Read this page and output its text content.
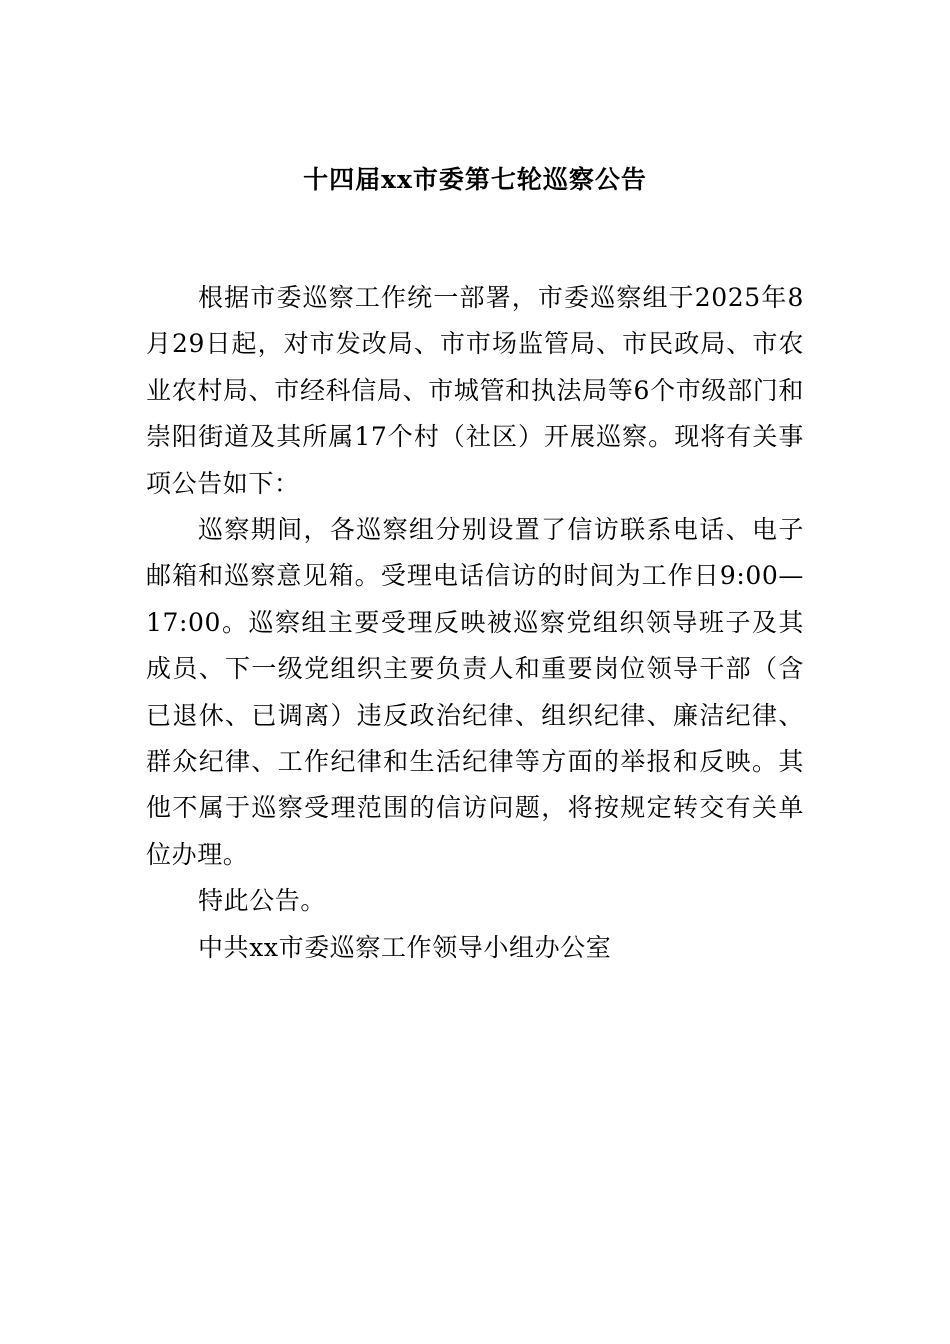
十四届xx市委第七轮巡察公告

根据市委巡察工作统一部署，市委巡察组于2025年8月29日起，对市发改局、市市场监管局、市民政局、市农业农村局、市经科信局、市城管和执法局等6个市级部门和崇阳街道及其所属17个村（社区）开展巡察。现将有关事项公告如下：

巡察期间，各巡察组分别设置了信访联系电话、电子邮箱和巡察意见箱。受理电话信访的时间为工作日9:00—17:00。巡察组主要受理反映被巡察党组织领导班子及其成员、下一级党组织主要负责人和重要岗位领导干部（含已退休、已调离）违反政治纪律、组织纪律、廉洁纪律、群众纪律、工作纪律和生活纪律等方面的举报和反映。其他不属于巡察受理范围的信访问题，将按规定转交有关单位办理。

特此公告。

中共xx市委巡察工作领导小组办公室
